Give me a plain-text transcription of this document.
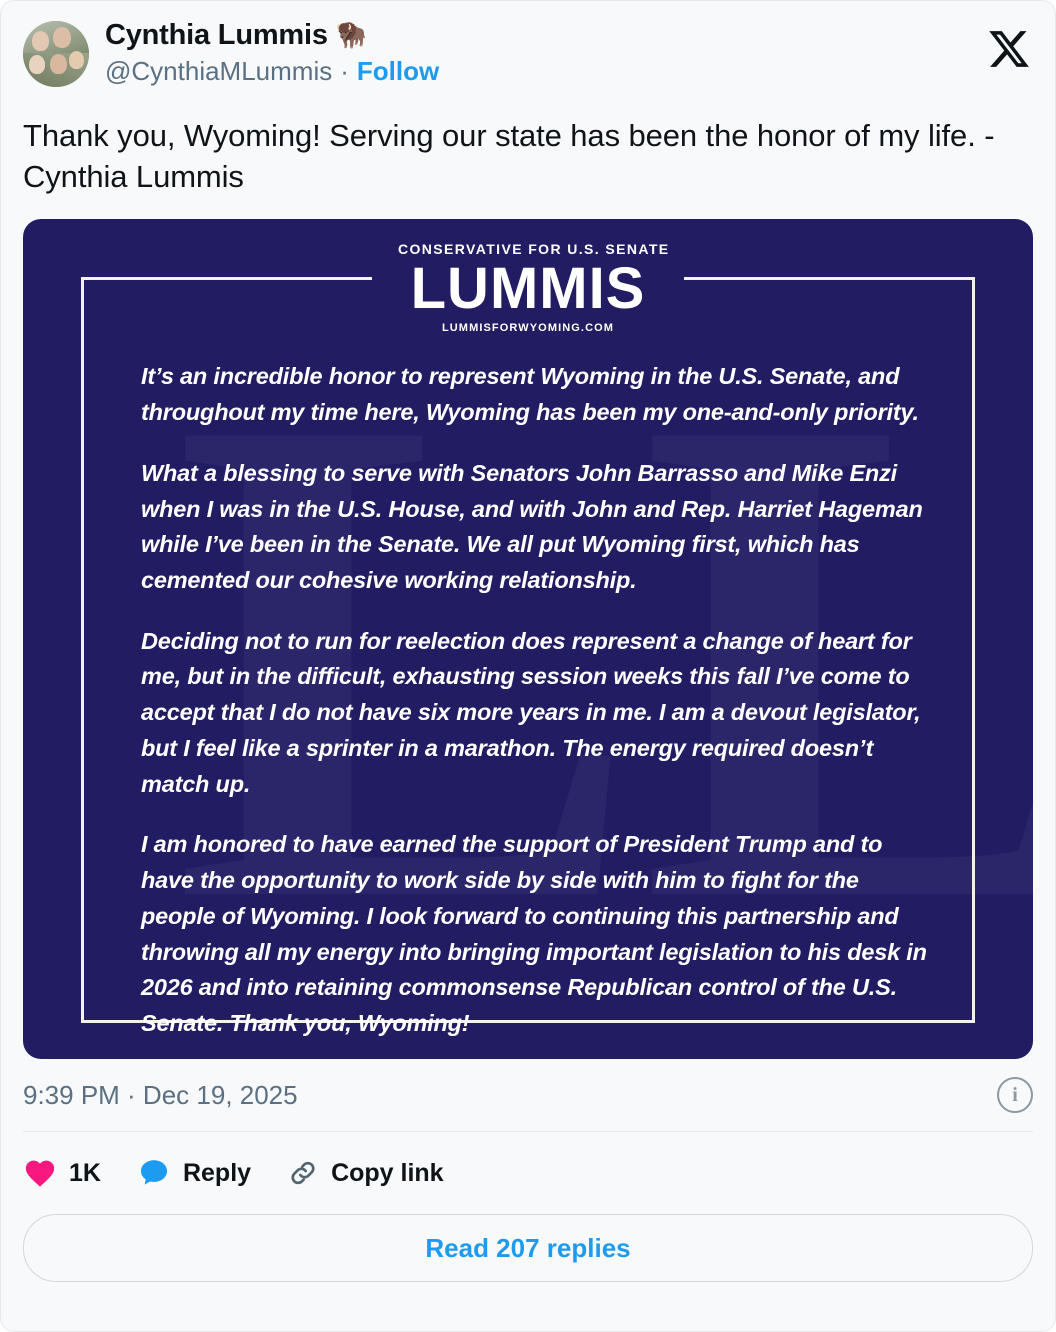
Cynthia Lummis 🦬
@CynthiaMLummis · Follow
Thank you, Wyoming! Serving our state has been the honor of my life. - Cynthia Lummis
CONSERVATIVE FOR U.S. SENATE
LUMMIS
LUMMISFORWYOMING.COM

It’s an incredible honor to represent Wyoming in the U.S. Senate, and throughout my time here, Wyoming has been my one-and-only priority.

What a blessing to serve with Senators John Barrasso and Mike Enzi when I was in the U.S. House, and with John and Rep. Harriet Hageman while I’ve been in the Senate. We all put Wyoming first, which has cemented our cohesive working relationship.

Deciding not to run for reelection does represent a change of heart for me, but in the difficult, exhausting session weeks this fall I’ve come to accept that I do not have six more years in me. I am a devout legislator, but I feel like a sprinter in a marathon. The energy required doesn’t match up.

I am honored to have earned the support of President Trump and to have the opportunity to work side by side with him to fight for the people of Wyoming. I look forward to continuing this partnership and throwing all my energy into bringing important legislation to his desk in 2026 and into retaining commonsense Republican control of the U.S. Senate. Thank you, Wyoming!

9:39 PM · Dec 19, 2025	i
1K	Reply	Copy link
Read 207 replies
